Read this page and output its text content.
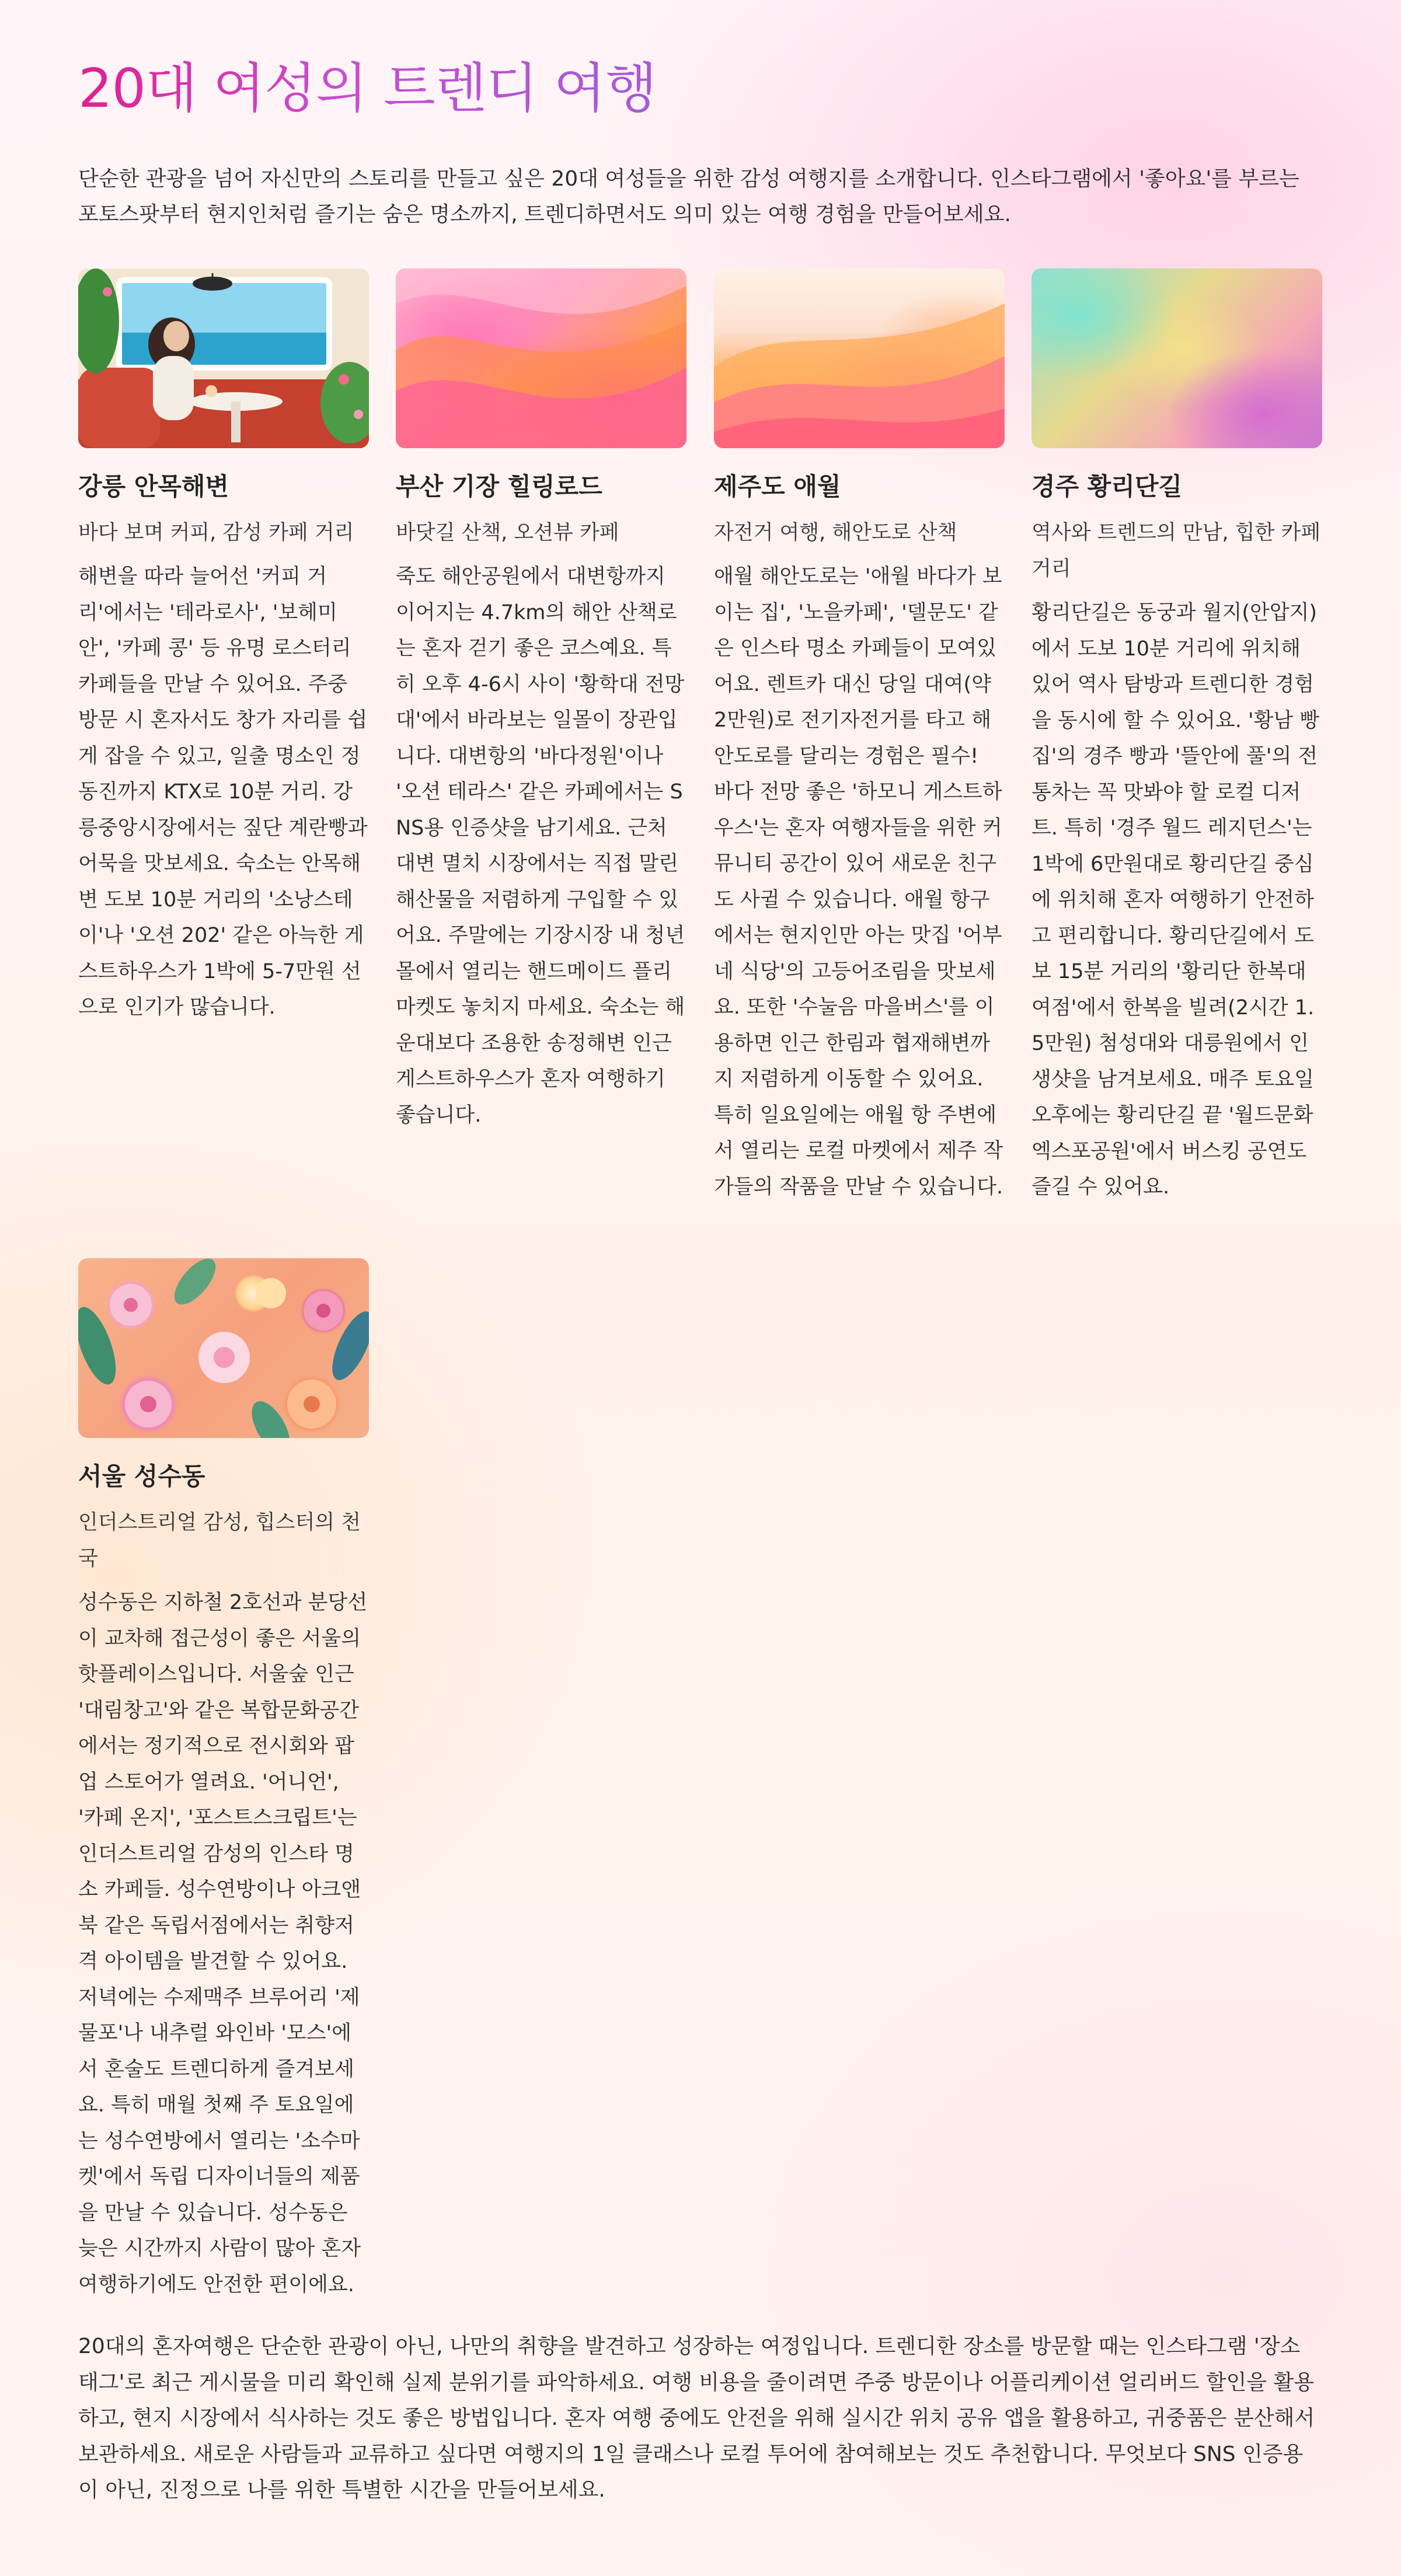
20대 여성의 트렌디 여행

단순한 관광을 넘어 자신만의 스토리를 만들고 싶은 20대 여성들을 위한 감성 여행지를 소개합니다. 인스타그램에서 '좋아요'를 부르는 포토스팟부터 현지인처럼 즐기는 숨은 명소까지, 트렌디하면서도 의미 있는 여행 경험을 만들어보세요.

강릉 안목해변

바다 보며 커피, 감성 카페 거리

해변을 따라 늘어선 '커피 거리'에서는 '테라로사', '보헤미안', '카페 콩' 등 유명 로스터리 카페들을 만날 수 있어요. 주중 방문 시 혼자서도 창가 자리를 쉽게 잡을 수 있고, 일출 명소인 정동진까지 KTX로 10분 거리. 강릉중앙시장에서는 짚단 계란빵과 어묵을 맛보세요. 숙소는 안목해변 도보 10분 거리의 '소낭스테이'나 '오션 202' 같은 아늑한 게스트하우스가 1박에 5-7만원 선으로 인기가 많습니다.

부산 기장 힐링로드

바닷길 산책, 오션뷰 카페

죽도 해안공원에서 대변항까지 이어지는 4.7km의 해안 산책로는 혼자 걷기 좋은 코스예요. 특히 오후 4-6시 사이 '황학대 전망대'에서 바라보는 일몰이 장관입니다. 대변항의 '바다정원'이나 '오션 테라스' 같은 카페에서는 SNS용 인증샷을 남기세요. 근처 대변 멸치 시장에서는 직접 말린 해산물을 저렴하게 구입할 수 있어요. 주말에는 기장시장 내 청년몰에서 열리는 핸드메이드 플리마켓도 놓치지 마세요. 숙소는 해운대보다 조용한 송정해변 인근 게스트하우스가 혼자 여행하기 좋습니다.

제주도 애월

자전거 여행, 해안도로 산책

애월 해안도로는 '애월 바다가 보이는 집', '노을카페', '델문도' 같은 인스타 명소 카페들이 모여있어요. 렌트카 대신 당일 대여(약 2만원)로 전기자전거를 타고 해안도로를 달리는 경험은 필수! 바다 전망 좋은 '하모니 게스트하우스'는 혼자 여행자들을 위한 커뮤니티 공간이 있어 새로운 친구도 사귈 수 있습니다. 애월 항구에서는 현지인만 아는 맛집 '어부네 식당'의 고등어조림을 맛보세요. 또한 '수눌음 마을버스'를 이용하면 인근 한림과 협재해변까지 저렴하게 이동할 수 있어요. 특히 일요일에는 애월 항 주변에서 열리는 로컬 마켓에서 제주 작가들의 작품을 만날 수 있습니다.

경주 황리단길

역사와 트렌드의 만남, 힙한 카페 거리

황리단길은 동궁과 월지(안압지)에서 도보 10분 거리에 위치해 있어 역사 탐방과 트렌디한 경험을 동시에 할 수 있어요. '황남 빵집'의 경주 빵과 '뜰안에 풀'의 전통차는 꼭 맛봐야 할 로컬 디저트. 특히 '경주 월드 레지던스'는 1박에 6만원대로 황리단길 중심에 위치해 혼자 여행하기 안전하고 편리합니다. 황리단길에서 도보 15분 거리의 '황리단 한복대여점'에서 한복을 빌려(2시간 1.5만원) 첨성대와 대릉원에서 인생샷을 남겨보세요. 매주 토요일 오후에는 황리단길 끝 '월드문화엑스포공원'에서 버스킹 공연도 즐길 수 있어요.

서울 성수동

인더스트리얼 감성, 힙스터의 천국

성수동은 지하철 2호선과 분당선이 교차해 접근성이 좋은 서울의 핫플레이스입니다. 서울숲 인근 '대림창고'와 같은 복합문화공간에서는 정기적으로 전시회와 팝업 스토어가 열려요. '어니언', '카페 온지', '포스트스크립트'는 인더스트리얼 감성의 인스타 명소 카페들. 성수연방이나 아크앤북 같은 독립서점에서는 취향저격 아이템을 발견할 수 있어요. 저녁에는 수제맥주 브루어리 '제물포'나 내추럴 와인바 '모스'에서 혼술도 트렌디하게 즐겨보세요. 특히 매월 첫째 주 토요일에는 성수연방에서 열리는 '소수마켓'에서 독립 디자이너들의 제품을 만날 수 있습니다. 성수동은 늦은 시간까지 사람이 많아 혼자 여행하기에도 안전한 편이에요.

20대의 혼자여행은 단순한 관광이 아닌, 나만의 취향을 발견하고 성장하는 여정입니다. 트렌디한 장소를 방문할 때는 인스타그램 '장소 태그'로 최근 게시물을 미리 확인해 실제 분위기를 파악하세요. 여행 비용을 줄이려면 주중 방문이나 어플리케이션 얼리버드 할인을 활용하고, 현지 시장에서 식사하는 것도 좋은 방법입니다. 혼자 여행 중에도 안전을 위해 실시간 위치 공유 앱을 활용하고, 귀중품은 분산해서 보관하세요. 새로운 사람들과 교류하고 싶다면 여행지의 1일 클래스나 로컬 투어에 참여해보는 것도 추천합니다. 무엇보다 SNS 인증용이 아닌, 진정으로 나를 위한 특별한 시간을 만들어보세요.
